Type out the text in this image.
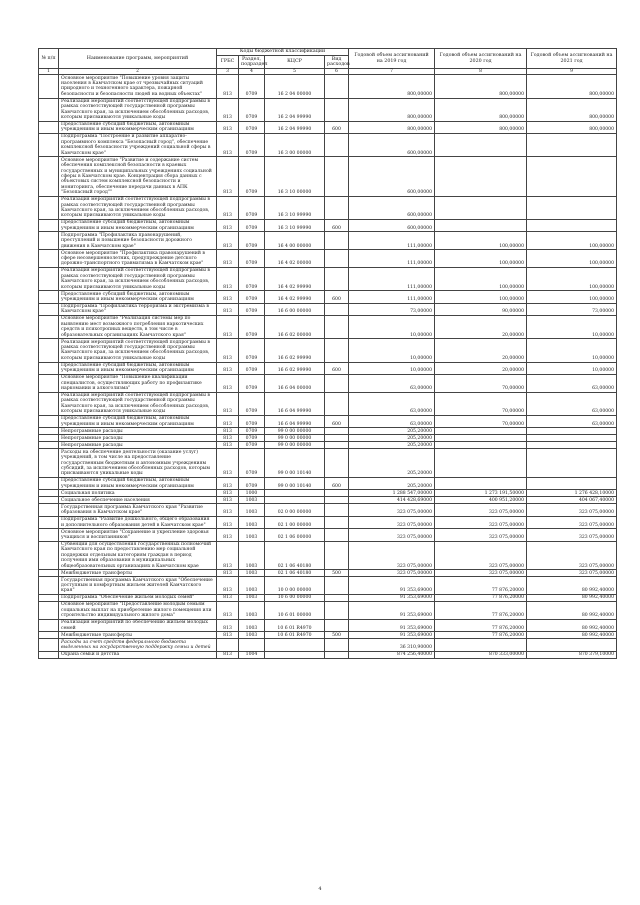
№ п/п	Наименование программ, мероприятий	Коды бюджетной классификации				Годовой объем ассигнований на 2019 год	Годовой объем ассигнований на 2020 год	Годовой объем ассигнований на 2021 год
		ГРБС	Раздел, подраздел	КЦСР	Вид расходов			
1	2	3	4	5	6	7	8	9
	Основное мероприятие "Повышение уровня защиты населения в Камчатском крае от чрезвычайных ситуаций природного и техногенного характера, пожарной безопасности и безопасности людей на водных объектах"	813	0709	16 2 04 00000		800,00000	800,00000	800,00000
	Реализация мероприятий соответствующей подпрограммы в рамках соответствующей государственной программы Камчатского края, за исключением обособленных расходов, которым присваиваются уникальные коды	813	0709	16 2 04 99990		800,00000	800,00000	800,00000
	Предоставление субсидий бюджетным, автономным учреждениям и иным некоммерческим организациям	813	0709	16 2 04 99990	600	800,00000	800,00000	800,00000
	Подпрограмма "Построение и развитие аппаратно-программного комплекса "Безопасный город", обеспечение комплексной безопасности учреждений социальной сферы в Камчатском крае"	813	0709	16 3 00 00000		600,00000		
	Основное мероприятие "Развитие и содержание систем обеспечения комплексной безопасности в краевых государственных и муниципальных учреждениях социальной сферы в Камчатском крае. Концентрация сбора данных с объектовых систем комплексной безопасности и мониторинга, обеспечение передачи данных в АПК "Безопасный город""	813	0709	16 3 10 00000		600,00000		
	Реализация мероприятий соответствующей подпрограммы в рамках соответствующей государственной программы Камчатского края, за исключением обособленных расходов, которым присваиваются уникальные коды	813	0709	16 3 10 99990		600,00000		
	Предоставление субсидий бюджетным, автономным учреждениям и иным некоммерческим организациям	813	0709	16 3 10 99990	600	600,00000		
	Подпрограмма "Профилактика правонарушений, преступлений и повышение безопасности дорожного движения в Камчатском крае"	813	0709	16 4 00 00000		111,00000	100,00000	100,00000
	Основное мероприятие "Профилактика правонарушений в сфере несовершеннолетних, предупреждение детского дорожно-транспортного травматизма в Камчатском крае"	813	0709	16 4 02 00000		111,00000	100,00000	100,00000
	Реализация мероприятий соответствующей подпрограммы в рамках соответствующей государственной программы Камчатского края, за исключением обособленных расходов, которым присваиваются уникальные коды	813	0709	16 4 02 99990		111,00000	100,00000	100,00000
	Предоставление субсидий бюджетным, автономным учреждениям и иным некоммерческим организациям	813	0709	16 4 02 99990	600	111,00000	100,00000	100,00000
	Подпрограмма "Профилактика терроризма и экстремизма в Камчатском крае"	813	0709	16 6 00 00000		73,00000	90,00000	73,00000
	Основное мероприятие "Реализация системы мер по выявлению мест возможного потребления наркотических средств и психотропных веществ, в том числе в образовательных организациях Камчатского края"	813	0709	16 6 02 00000		10,00000	20,00000	10,00000
	Реализация мероприятий соответствующей подпрограммы в рамках соответствующей государственной программы Камчатского края, за исключением обособленных расходов, которым присваиваются уникальные коды	813	0709	16 6 02 99990		10,00000	20,00000	10,00000
	Предоставление субсидий бюджетным, автономным учреждениям и иным некоммерческим организациям	813	0709	16 6 02 99990	600	10,00000	20,00000	10,00000
	Основное мероприятие "Повышение квалификации специалистов, осуществляющих работу по профилактике наркомании и алкоголизма"	813	0709	16 6 04 00000		63,00000	70,00000	63,00000
	Реализация мероприятий соответствующей подпрограммы в рамках соответствующей государственной программы Камчатского края, за исключением обособленных расходов, которым присваиваются уникальные коды	813	0709	16 6 04 99990		63,00000	70,00000	63,00000
	Предоставление субсидий бюджетным, автономным учреждениям и иным некоммерческим организациям	813	0709	16 6 04 99990	600	63,00000	70,00000	63,00000
	Непрограммные расходы	813	0709	99 0 00 00000		205,20000		
	Непрограммные расходы	813	0709	99 0 00 00000		205,20000		
	Непрограммные расходы	813	0709	99 0 00 00000		205,20000		
	Расходы на обеспечение деятельности (оказание услуг) учреждений, в том числе на предоставление государственным бюджетным и автономным учреждениям субсидий, за исключением обособленных расходов, которым присваиваются уникальные коды	813	0709	99 0 00 10140		205,20000		
	Предоставление субсидий бюджетным, автономным учреждениям и иным некоммерческим организациям	813	0709	99 0 00 10140	600	205,20000		
	Социальная политика	813	1000			1 288 547,00000	1 273 191,50000	1 276 428,10000
	Социальное обеспечение населения	813	1003			414 428,69000	400 951,20000	404 067,40000
	Государственная программа Камчатского края "Развитие образования в Камчатском крае"	813	1003	02 0 00 00000		323 075,00000	323 075,00000	323 075,00000
	Подпрограмма "Развитие дошкольного, общего образования и дополнительного образования детей в Камчатском крае"	813	1003	02 1 00 00000		323 075,00000	323 075,00000	323 075,00000
	Основное мероприятие "Сохранение и укрепление здоровья учащихся и воспитанников"	813	1003	02 1 06 00000		323 075,00000	323 075,00000	323 075,00000
	Субвенции для осуществления государственных полномочий Камчатского края по предоставлению мер социальной поддержки отдельным категориям граждан в период получения ими образования в муниципальных общеобразовательных организациях в Камчатском крае	813	1003	02 1 06 40180		323 075,00000	323 075,00000	323 075,00000
	Межбюджетные трансферты	813	1003	02 1 06 40180	500	323 075,00000	323 075,00000	323 075,00000
	Государственная программа Камчатского края "Обеспечение доступным и комфортным жильем жителей Камчатского края"	813	1003	10 0 00 00000		91 353,69000	77 876,20000	80 992,40000
	Подпрограмма "Обеспечение жильем молодых семей"	813	1003	10 6 00 00000		91 353,69000	77 876,20000	80 992,40000
	Основное мероприятие "Предоставление молодым семьям социальных выплат на приобретение жилого помещения или строительство индивидуального жилого дома"	813	1003	10 6 01 00000		91 353,69000	77 876,20000	80 992,40000
	Реализация мероприятий по обеспечению жильем молодых семей	813	1003	10 6 01 R4970		91 353,69000	77 876,20000	80 992,40000
	Межбюджетные трансферты	813	1003	10 6 01 R4970	500	91 353,69000	77 876,20000	80 992,40000
	Расходы за счет средств федерального бюджета выделенных на государственную поддержку семьи и детей					36 310,90000		
	Охрана семьи и детства	813	1004			874 256,40000	870 333,00000	870 379,10000
4
